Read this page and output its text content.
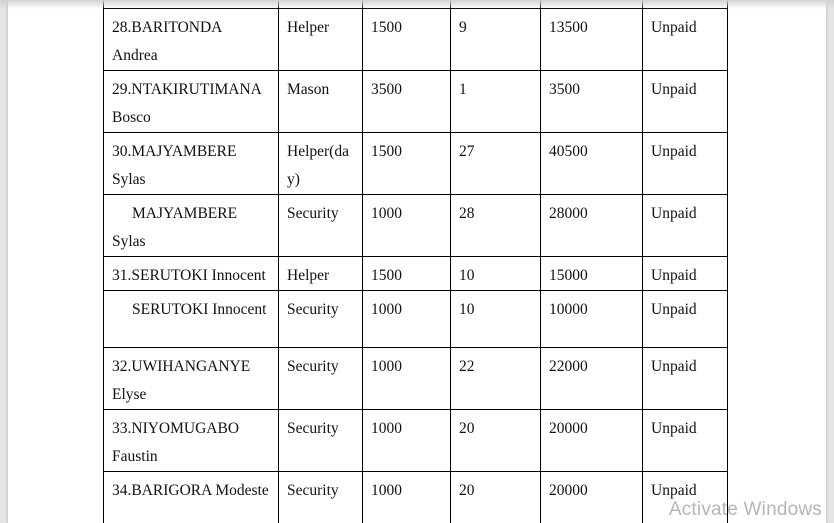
28.BARITONDA Andrea	Helper	1500	9	13500	Unpaid
29.NTAKIRUTIMANA Bosco	Mason	3500	1	3500	Unpaid
30.MAJYAMBERE Sylas	Helper(day)	1500	27	40500	Unpaid
MAJYAMBERE Sylas	Security	1000	28	28000	Unpaid
31.SERUTOKI Innocent	Helper	1500	10	15000	Unpaid
SERUTOKI Innocent	Security	1000	10	10000	Unpaid
32.UWIHANGANYE Elyse	Security	1000	22	22000	Unpaid
33.NIYOMUGABO Faustin	Security	1000	20	20000	Unpaid
34.BARIGORA Modeste	Security	1000	20	20000	Unpaid

Activate Windows
